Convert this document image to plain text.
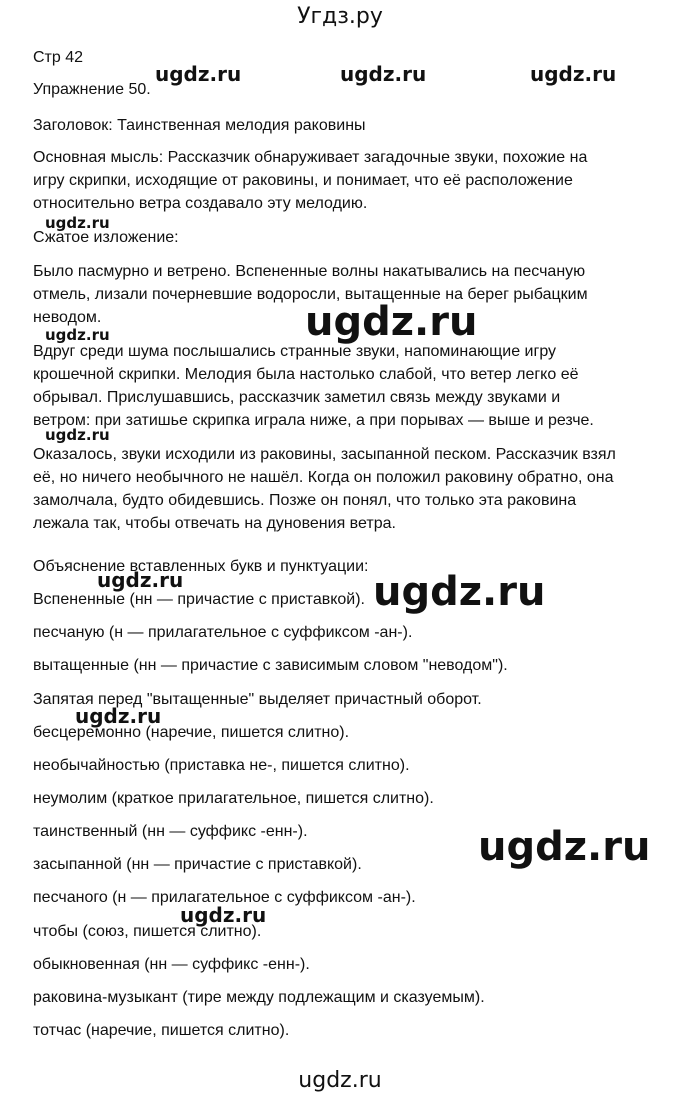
Угдз.ру
Стр 42
Упражнение 50.
Заголовок: Таинственная мелодия раковины
Основная мысль: Рассказчик обнаруживает загадочные звуки, похожие на
игру скрипки, исходящие от раковины, и понимает, что её расположение
относительно ветра создавало эту мелодию.
Сжатое изложение:
Было пасмурно и ветрено. Вспененные волны накатывались на песчаную
отмель, лизали почерневшие водоросли, вытащенные на берег рыбацким
неводом.
Вдруг среди шума послышались странные звуки, напоминающие игру
крошечной скрипки. Мелодия была настолько слабой, что ветер легко её
обрывал. Прислушавшись, рассказчик заметил связь между звуками и
ветром: при затишье скрипка играла ниже, а при порывах — выше и резче.
Оказалось, звуки исходили из раковины, засыпанной песком. Рассказчик взял
её, но ничего необычного не нашёл. Когда он положил раковину обратно, она
замолчала, будто обидевшись. Позже он понял, что только эта раковина
лежала так, чтобы отвечать на дуновения ветра.
Объяснение вставленных букв и пунктуации:
Вспененные (нн — причастие с приставкой).
песчаную (н — прилагательное с суффиксом -ан-).
вытащенные (нн — причастие с зависимым словом "неводом").
Запятая перед "вытащенные" выделяет причастный оборот.
бесцеремонно (наречие, пишется слитно).
необычайностью (приставка не-, пишется слитно).
неумолим (краткое прилагательное, пишется слитно).
таинственный (нн — суффикс -енн-).
засыпанной (нн — причастие с приставкой).
песчаного (н — прилагательное с суффиксом -ан-).
чтобы (союз, пишется слитно).
обыкновенная (нн — суффикс -енн-).
раковина-музыкант (тире между подлежащим и сказуемым).
тотчас (наречие, пишется слитно).
ugdz.ru	ugdz.ru	ugdz.ru
ugdz.ru
ugdz.ru
ugdz.ru
ugdz.ru
ugdz.ru	ugdz.ru
ugdz.ru
ugdz.ru
ugdz.ru
ugdz.ru
